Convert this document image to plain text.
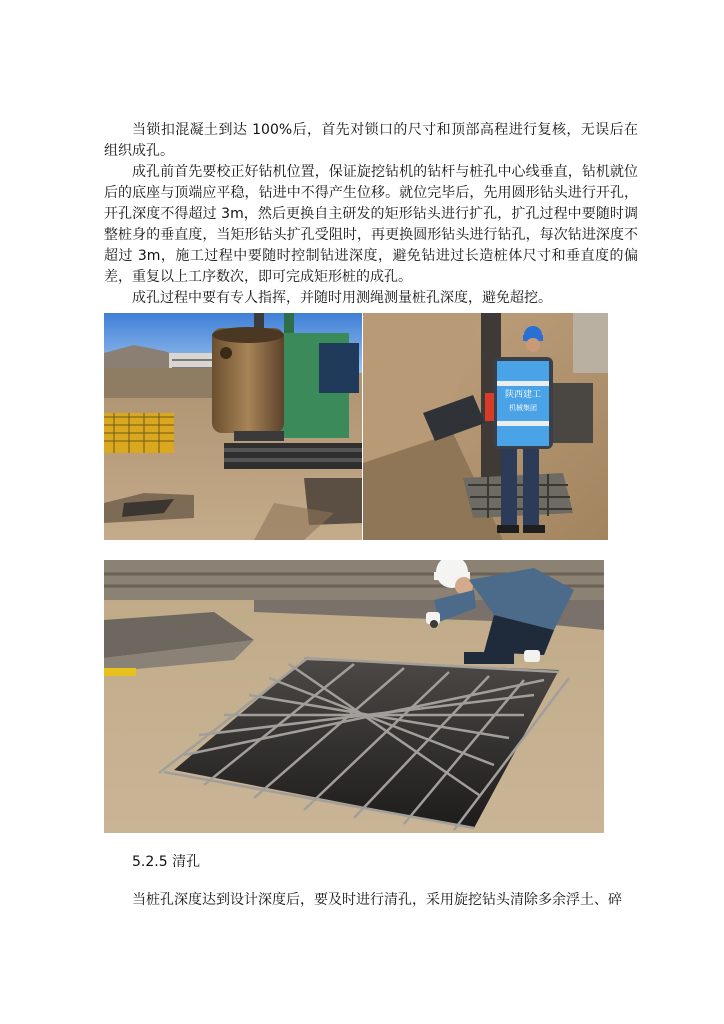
当锁扣混凝土到达 100%后，首先对锁口的尺寸和顶部高程进行复核，无误后在组织成孔。

成孔前首先要校正好钻机位置，保证旋挖钻机的钻杆与桩孔中心线垂直，钻机就位后的底座与顶端应平稳，钻进中不得产生位移。就位完毕后，先用圆形钻头进行开孔，开孔深度不得超过 3m，然后更换自主研发的矩形钻头进行扩孔，扩孔过程中要随时调整桩身的垂直度，当矩形钻头扩孔受阻时，再更换圆形钻头进行钻孔，每次钻进深度不超过 3m，施工过程中要随时控制钻进深度，避免钻进过长造桩体尺寸和垂直度的偏差，重复以上工序数次，即可完成矩形桩的成孔。

成孔过程中要有专人指挥，并随时用测绳测量桩孔深度，避免超挖。

陕西建工
机械集团

5.2.5 清孔

当桩孔深度达到设计深度后，要及时进行清孔，采用旋挖钻头清除多余浮土、碎
